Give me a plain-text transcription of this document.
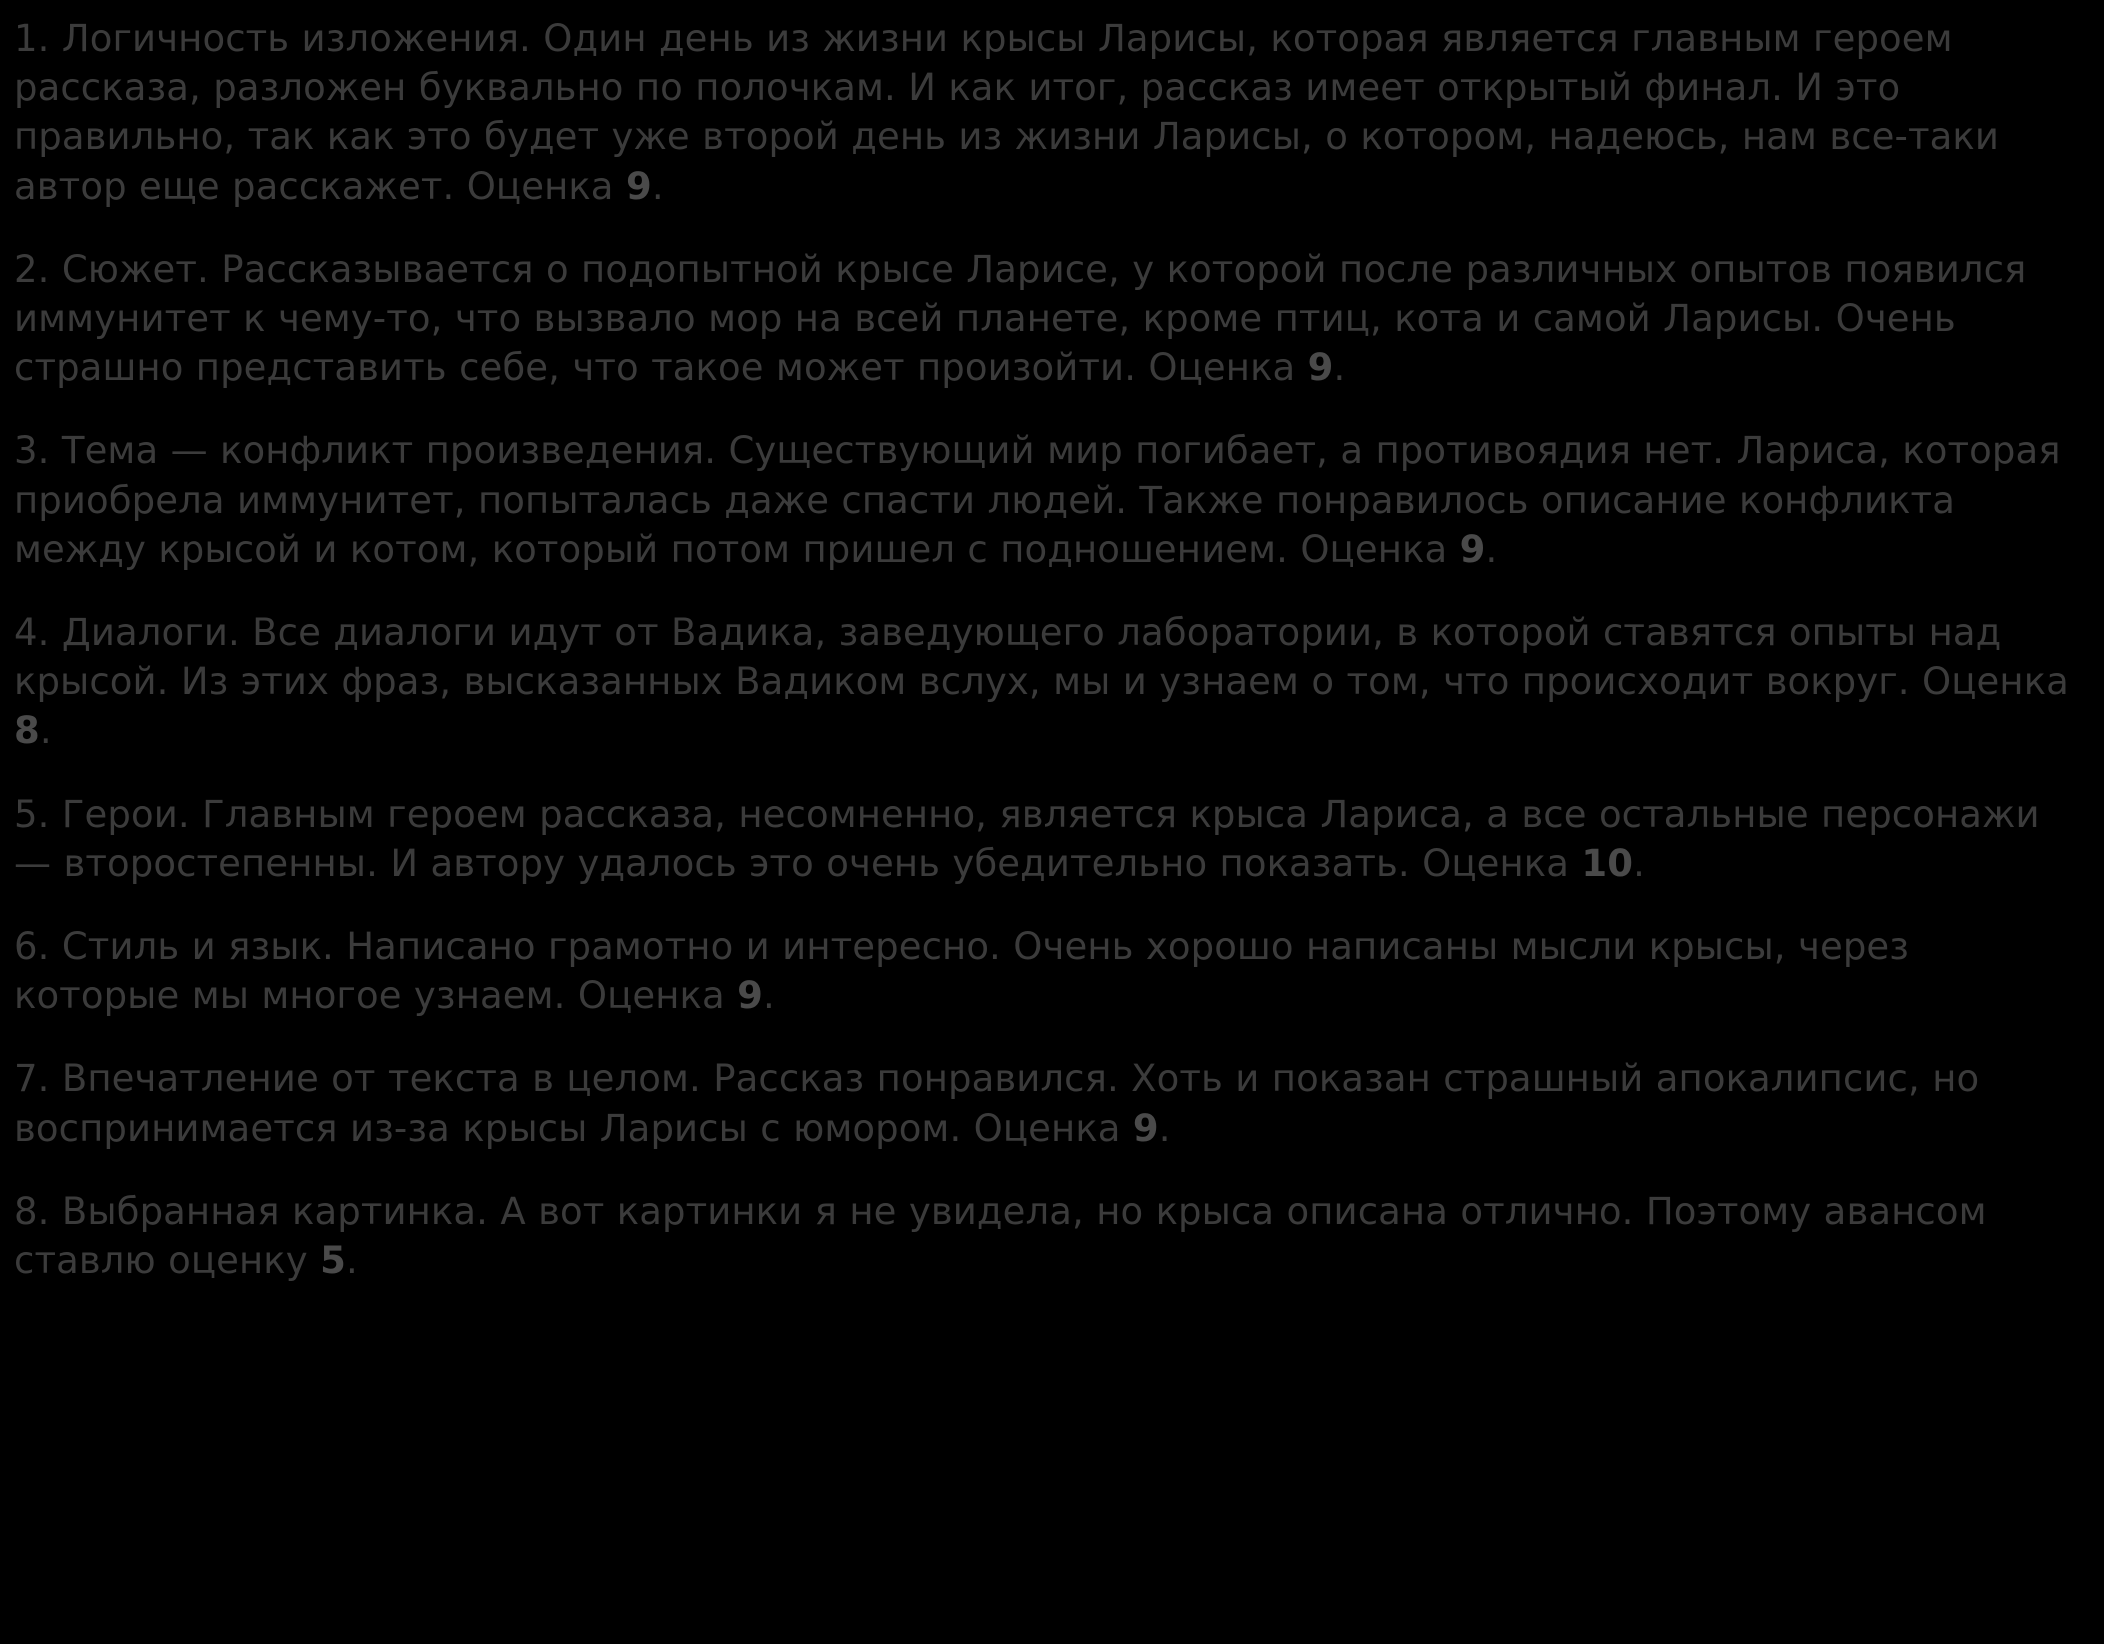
1. Логичность изложения. Один день из жизни крысы Ларисы, которая является главным героем рассказа, разложен буквально по полочкам. И как итог, рассказ имеет открытый финал. И это правильно, так как это будет уже второй день из жизни Ларисы, о котором, надеюсь, нам все-таки автор еще расскажет. Оценка 9.
2. Сюжет. Рассказывается о подопытной крысе Ларисе, у которой после различных опытов появился иммунитет к чему-то, что вызвало мор на всей планете, кроме птиц, кота и самой Ларисы. Очень страшно представить себе, что такое может произойти. Оценка 9.
3. Тема — конфликт произведения. Существующий мир погибает, а противоядия нет. Лариса, которая приобрела иммунитет, попыталась даже спасти людей. Также понравилось описание конфликта между крысой и котом, который потом пришел с подношением. Оценка 9.
4. Диалоги. Все диалоги идут от Вадика, заведующего лаборатории, в которой ставятся опыты над крысой. Из этих фраз, высказанных Вадиком вслух, мы и узнаем о том, что происходит вокруг. Оценка 8.
5. Герои. Главным героем рассказа, несомненно, является крыса Лариса, а все остальные персонажи — второстепенны. И автору удалось это очень убедительно показать. Оценка 10.
6. Стиль и язык. Написано грамотно и интересно. Очень хорошо написаны мысли крысы, через которые мы многое узнаем. Оценка 9.
7. Впечатление от текста в целом. Рассказ понравился. Хоть и показан страшный апокалипсис, но воспринимается из-за крысы Ларисы с юмором. Оценка 9.
8. Выбранная картинка. А вот картинки я не увидела, но крыса описана отлично. Поэтому авансом ставлю оценку 5.
